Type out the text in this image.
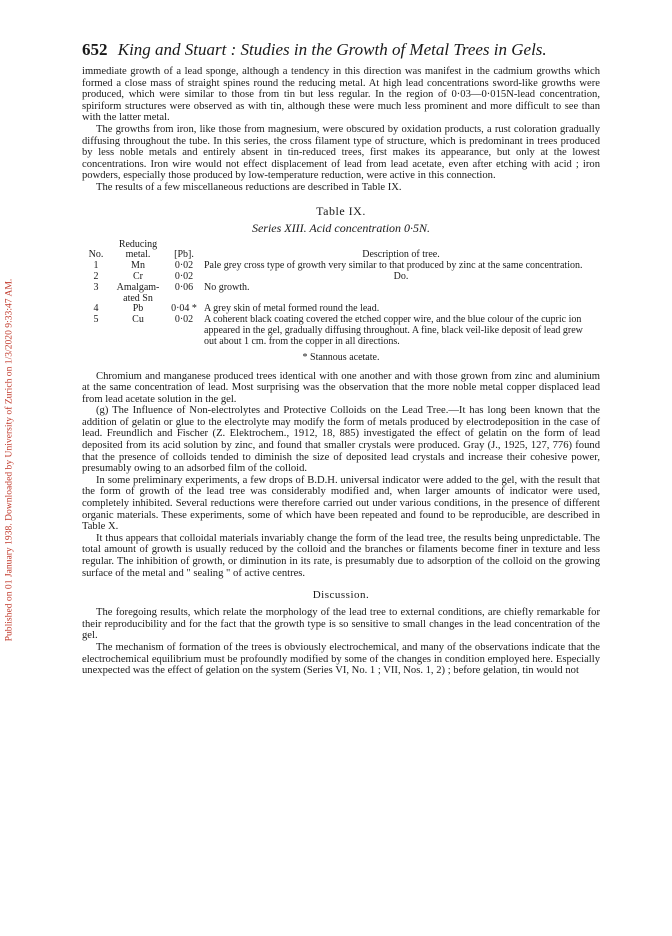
Published on 01 January 1938. Downloaded by University of Zurich on 1/3/2020 9:33:47 AM.
652 King and Stuart : Studies in the Growth of Metal Trees in Gels.

immediate growth of a lead sponge, although a tendency in this direction was manifest in the cadmium growths which formed a close mass of straight spines round the reducing metal. At high lead concentrations sword-like growths were produced, which were similar to those from tin but less regular. In the region of 0·03—0·015N-lead concentration, spiriform structures were observed as with tin, although these were much less prominent and more difficult to see than with the latter metal.

The growths from iron, like those from magnesium, were obscured by oxidation products, a rust coloration gradually diffusing throughout the tube. In this series, the cross filament type of structure, which is predominant in trees produced by less noble metals and entirely absent in tin-reduced trees, first makes its appearance, but only at the lowest concentrations. Iron wire would not effect displacement of lead from lead acetate, even after etching with acid ; iron powders, especially those produced by low-temperature reduction, were active in this connection.

The results of a few miscellaneous reductions are described in Table IX.

Table IX.
Series XIII. Acid concentration 0·5N.
No.	Reducing metal.	[Pb].	Description of tree.
1	Mn	0·02	Pale grey cross type of growth very similar to that produced by zinc at the same concentration.
2	Cr	0·02	Do.
3	Amalgam-ated Sn	0·06	No growth.
4	Pb	0·04 *	A grey skin of metal formed round the lead.
5	Cu	0·02	A coherent black coating covered the etched copper wire, and the blue colour of the cupric ion appeared in the gel, gradually diffusing throughout. A fine, black veil-like deposit of lead grew out about 1 cm. from the copper in all directions.
* Stannous acetate.

Chromium and manganese produced trees identical with one another and with those grown from zinc and aluminium at the same concentration of lead. Most surprising was the observation that the more noble metal copper displaced lead from lead acetate solution in the gel.

(g) The Influence of Non-electrolytes and Protective Colloids on the Lead Tree.—It has long been known that the addition of gelatin or glue to the electrolyte may modify the form of metals produced by electrodeposition in the case of lead. Freundlich and Fischer (Z. Elektrochem., 1912, 18, 885) investigated the effect of gelatin on the form of lead deposited from its acid solution by zinc, and found that smaller crystals were produced. Gray (J., 1925, 127, 776) found that the presence of colloids tended to diminish the size of deposited lead crystals and increase their cohesive power, presumably owing to an adsorbed film of the colloid.

In some preliminary experiments, a few drops of B.D.H. universal indicator were added to the gel, with the result that the form of growth of the lead tree was considerably modified and, when larger amounts of indicator were used, completely inhibited. Several reductions were therefore carried out under various conditions, in the presence of different organic materials. These experiments, some of which have been repeated and found to be reproducible, are described in Table X.

It thus appears that colloidal materials invariably change the form of the lead tree, the results being unpredictable. The total amount of growth is usually reduced by the colloid and the branches or filaments become finer in texture and less regular. The inhibition of growth, or diminution in its rate, is presumably due to adsorption of the colloid on the growing surface of the metal and " sealing " of active centres.

Discussion.

The foregoing results, which relate the morphology of the lead tree to external conditions, are chiefly remarkable for their reproducibility and for the fact that the growth type is so sensitive to small changes in the lead concentration of the gel.

The mechanism of formation of the trees is obviously electrochemical, and many of the observations indicate that the electrochemical equilibrium must be profoundly modified by some of the changes in condition employed here. Especially unexpected was the effect of gelation on the system (Series VI, No. 1 ; VII, Nos. 1, 2) ; before gelation, tin would not
